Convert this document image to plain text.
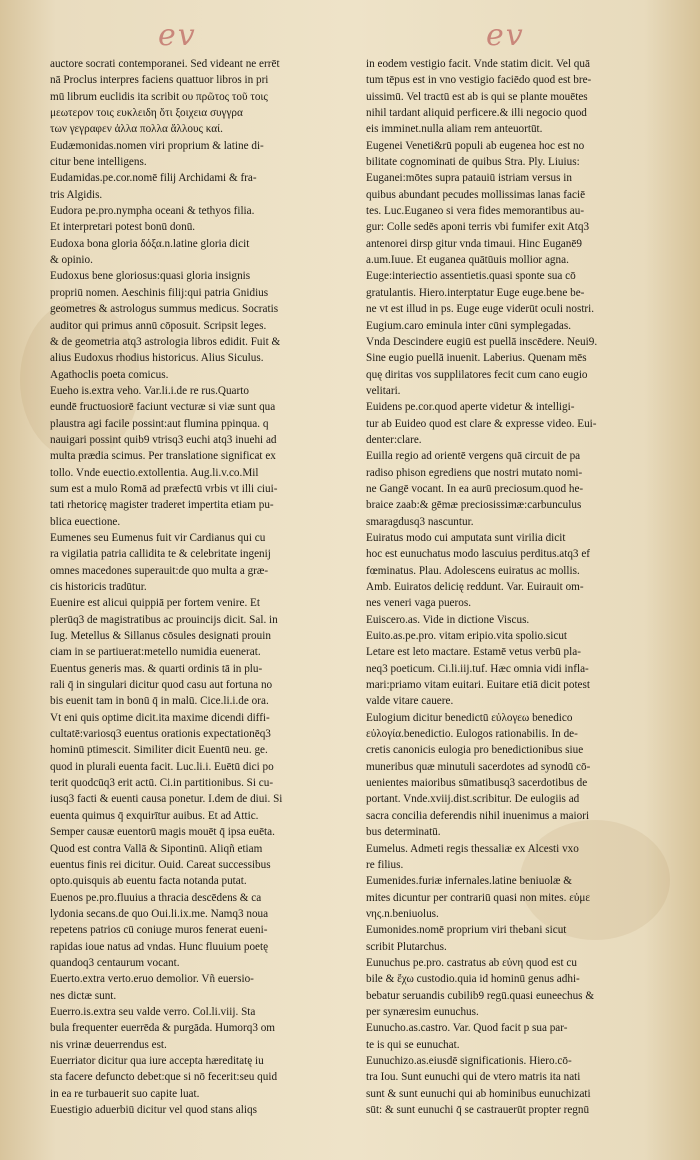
ev	ev
auctore socrati contemporanei. Sed videant ne errēt
nā Proclus interpres faciens quattuor libros in pri
mū librum euclidis ita scribit ου πρῶτος τοῦ τοις
μεωτερον τοις ευκλειδη ὅτι ξοιχεια συγγρα
των γεγραφεν ἀλλα πολλα ἄλλους καί.
Eudæmonidas.nomen viri proprium & latine di-
citur bene intelligens.
Eudamidas.pe.cor.nomē filij Archidami & fra-
tris Algidis.
Eudora pe.pro.nympha oceani & tethyos filia.
Et interpretari potest bonū donū.
Eudoxa bona gloria δόξα.n.latine gloria dicit
& opinio.
Eudoxus bene gloriosus:quasi gloria insignis
propriū nomen. Aeschinis filij:qui patria Gnidius
geometres & astrologus summus medicus. Socratis
auditor qui primus annū cōposuit. Scripsit leges.
& de geometria atq3 astrologia libros edidit. Fuit &
alius Eudoxus rhodius historicus. Alius Siculus.
Agathoclis poeta comicus.
Eueho is.extra veho. Var.li.i.de re rus.Quarto
eundē fructuosiorē faciunt vecturæ si viæ sunt qua
plaustra agi facile possint:aut flumina ppinqua. q
nauigari possint quib9 vtrisq3 euchi atq3 inuehi ad
multa prædia scimus. Per translatione significat ex
tollo. Vnde euectio.extollentia. Aug.li.v.co.Mil
sum est a mulo Romā ad præfectū vrbis vt illi ciui-
tati rhetoricę magister traderet impertita etiam pu-
blica euectione.
Eumenes seu Eumenus fuit vir Cardianus qui cu
ra vigilatia patria callidita te & celebritate ingenij
omnes macedones superauit:de quo multa a græ-
cis historicis tradūtur.
Euenire est alicui quippiā per fortem venire. Et
plerūq3 de magistratibus ac prouincijs dicit. Sal. in
Iug. Metellus & Sillanus cōsules designati prouin
ciam in se partiuerat:metello numidia euenerat.
Euentus generis mas. & quarti ordinis tā in plu-
rali q̄ in singulari dicitur quod casu aut fortuna no
bis euenit tam in bonū q̄ in malū. Cice.li.i.de ora.
Vt eni quis optime dicit.ita maxime dicendi diffi-
cultatē:variosq3 euentus orationis expectationēq3
hominū ptimescit. Similiter dicit Euentū neu. ge.
quod in plurali euenta facit. Luc.li.i. Euētū dici po
terit quodcūq3 erit actū. Ci.in partitionibus. Si cu-
iusq3 facti & euenti causa ponetur. I.dem de diui. Si
euenta quimus q̄ exquirītur auibus. Et ad Attic.
Semper causæ euentorū magis mouēt q̄ ipsa euēta.
Quod est contra Vallā & Sipontinū. Aliqñ etiam
euentus finis rei dicitur. Ouid. Careat successibus
opto.quisquis ab euentu facta notanda putat.
Euenos pe.pro.fluuius a thracia descēdens & ca
lydonia secans.de quo Oui.li.ix.me. Namq3 noua
repetens patrios cū coniuge muros fenerat eueni-
rapidas ioue natus ad vndas. Hunc fluuium poetę
quandoq3 centaurum vocant.
Euerto.extra verto.eruo demolior. Vñ euersio-
nes dictæ sunt.
Euerro.is.extra seu valde verro. Col.li.viij. Sta
bula frequenter euerrēda & purgāda. Humorq3 om
nis vrinæ deuerrendus est.
Euerriator dicitur qua iure accepta hæreditatę iu
sta facere defuncto debet:que si nō fecerit:seu quid
in ea re turbauerit suo capite luat.
Euestigio aduerbiū dicitur vel quod stans aliqs
in eodem vestigio facit. Vnde statim dicit. Vel quā
tum tēpus est in vno vestigio faciēdo quod est bre-
uissimū. Vel tractū est ab is qui se plante mouētes
nihil tardant aliquid perficere.& illi negocio quod
eis imminet.nulla aliam rem anteuortūt.
Eugenei Veneti&rū populi ab eugenea hoc est no
bilitate cognominati de quibus Stra. Ply. Liuius:
Euganei:mōtes supra patauiū istriam versus in
quibus abundant pecudes mollissimas lanas faciē
tes. Luc.Euganeo si vera fides memorantibus au-
gur: Colle sedēs aponi terris vbi fumifer exit Atq3
antenorei dirsp gitur vnda timaui. Hinc Euganē9
a.um.Iuue. Et euganea quātūuis mollior agna.
Euge:interiectio assentietis.quasi sponte sua cō
gratulantis. Hiero.interptatur Euge euge.bene be-
ne vt est illud in ps. Euge euge viderūt oculi nostri.
Eugium.caro eminula inter cūni symplegadas.
Vnda Descindere eugiū est puellā inscēdere. Neui9.
Sine eugio puellā inuenit. Laberius. Quenam mēs
quę diritas vos supplilatores fecit cum cano eugio
velitari.
Euidens pe.cor.quod aperte videtur & intelligi-
tur ab Euideo quod est clare & expresse video. Eui-
denter:clare.
Euilla regio ad orientē vergens quā circuit de pa
radiso phison egrediens que nostri mutato nomi-
ne Gangē vocant. In ea aurū preciosum.quod he-
braice zaab:& gēmæ preciosissimæ:carbunculus
smaragdusq3 nascuntur.
Euiratus modo cui amputata sunt virilia dicit
hoc est eunuchatus modo lascuius perditus.atq3 ef
fœminatus. Plau. Adolescens euiratus ac mollis.
Amb. Euiratos delicię reddunt. Var. Euirauit om-
nes veneri vaga pueros.
Euiscero.as. Vide in dictione Viscus.
Euito.as.pe.pro. vitam eripio.vita spolio.sicut
Letare est leto mactare. Estamē vetus verbū pla-
neq3 poeticum. Ci.li.iij.tuf. Hæc omnia vidi infla-
mari:priamo vitam euitari. Euitare etiā dicit potest
valde vitare cauere.
Eulogium dicitur benedictū εὐλογεω benedico
εὐλογία.benedictio. Eulogos rationabilis. In de-
cretis canonicis eulogia pro benedictionibus siue
muneribus quæ minutuli sacerdotes ad synodū cō-
uenientes maioribus sūmatibusq3 sacerdotibus de
portant. Vnde.xviij.dist.scribitur. De eulogiis ad
sacra concilia deferendis nihil inuenimus a maiori
bus determinatū.
Eumelus. Admeti regis thessaliæ ex Alcesti vxo
re filius.
Eumenides.furiæ infernales.latine beniuolæ &
mites dicuntur per contrariū quasi non mites. εὐμε
νης.n.beniuolus.
Eumonides.nomē proprium viri thebani sicut
scribit Plutarchus.
Eunuchus pe.pro. castratus ab εὐνη quod est cu
bile & ἔχω custodio.quia id hominū genus adhi-
bebatur seruandis cubilib9 regū.quasi euneechus &
per synæresim eunuchus.
Eunucho.as.castro. Var. Quod facit p sua par-
te is qui se eunuchat.
Eunuchizo.as.eiusdē significationis. Hiero.cō-
tra Iou. Sunt eunuchi qui de vtero matris ita nati
sunt & sunt eunuchi qui ab hominibus eunuchizati
sūt: & sunt eunuchi q̄ se castrauerūt propter regnū
